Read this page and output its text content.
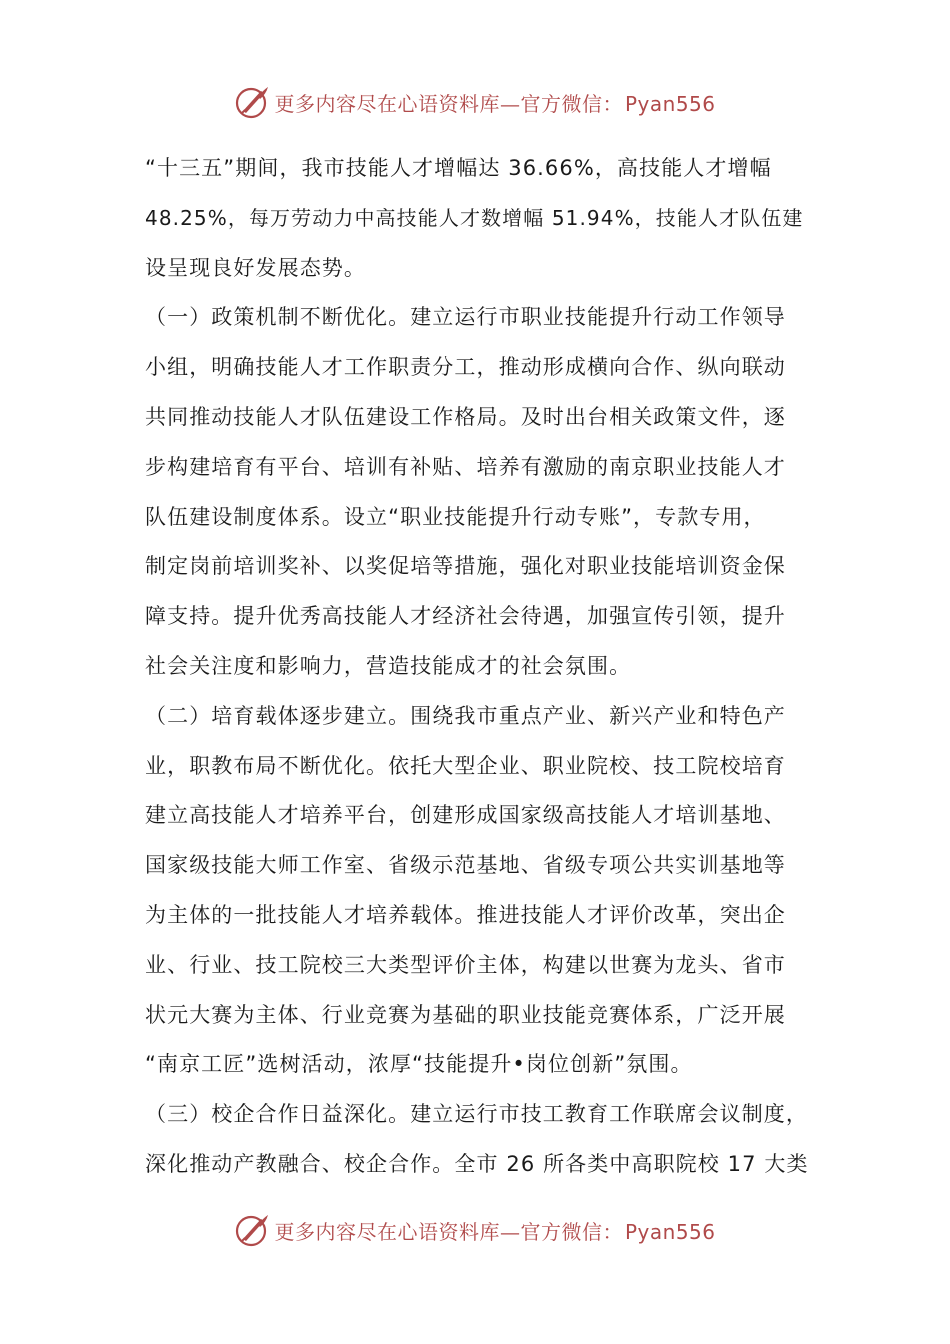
更多内容尽在心语资料库—官方微信： Pyan556

“十三五”期间，我市技能人才增幅达 36.66%，高技能人才增幅
48.25%，每万劳动力中高技能人才数增幅 51.94%，技能人才队伍建
设呈现良好发展态势。

（一）政策机制不断优化。建立运行市职业技能提升行动工作领导
小组，明确技能人才工作职责分工，推动形成横向合作、纵向联动
共同推动技能人才队伍建设工作格局。及时出台相关政策文件，逐
步构建培育有平台、培训有补贴、培养有激励的南京职业技能人才
队伍建设制度体系。设立“职业技能提升行动专账”，专款专用，
制定岗前培训奖补、以奖促培等措施，强化对职业技能培训资金保
障支持。提升优秀高技能人才经济社会待遇，加强宣传引领，提升
社会关注度和影响力，营造技能成才的社会氛围。

（二）培育载体逐步建立。围绕我市重点产业、新兴产业和特色产
业，职教布局不断优化。依托大型企业、职业院校、技工院校培育
建立高技能人才培养平台，创建形成国家级高技能人才培训基地、
国家级技能大师工作室、省级示范基地、省级专项公共实训基地等
为主体的一批技能人才培养载体。推进技能人才评价改革，突出企
业、行业、技工院校三大类型评价主体，构建以世赛为龙头、省市
状元大赛为主体、行业竞赛为基础的职业技能竞赛体系，广泛开展
“南京工匠”选树活动，浓厚“技能提升•岗位创新”氛围。

（三）校企合作日益深化。建立运行市技工教育工作联席会议制度，
深化推动产教融合、校企合作。全市 26 所各类中高职院校 17 大类

更多内容尽在心语资料库—官方微信： Pyan556
